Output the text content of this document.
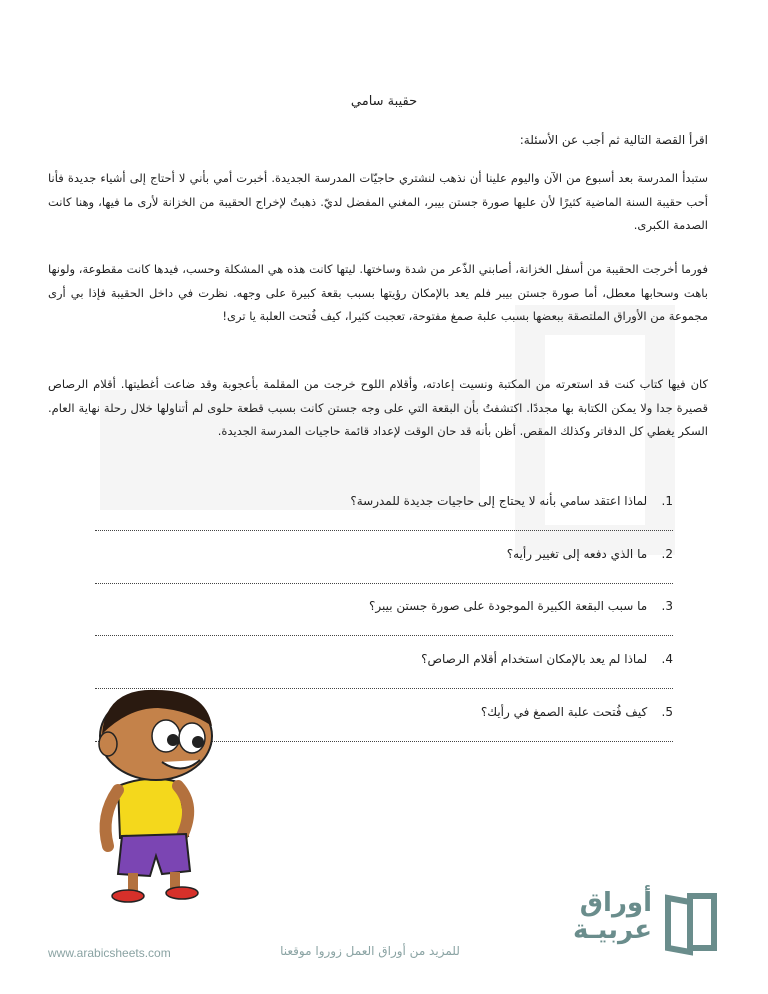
حقيبة سامي
اقرأ القصة التالية ثم أجب عن الأسئلة:

ستبدأ المدرسة بعد أسبوع من الآن واليوم علينا أن نذهب لنشتري حاجيّات المدرسة الجديدة. أخبرت أمي بأني لا أحتاج إلى أشياء جديدة فأنا أحب حقيبة السنة الماضية كثيرًا لأن عليها صورة جستن بيبر، المغني المفضل لديّ. ذهبتُ لإخراج الحقيبة من الخزانة لأرى ما فيها، وهنا كانت الصدمة الكبرى.

فورما أخرجت الحقيبة من أسفل الخزانة، أصابني الذّعر من شدة وساختها. ليتها كانت هذه هي المشكلة وحسب، فيدها كانت مقطوعة، ولونها باهت وسحابها معطل، أما صورة جستن بيبر فلم يعد بالإمكان رؤيتها بسبب بقعة كبيرة على وجهه. نظرت في داخل الحقيبة فإذا بي أرى مجموعة من الأوراق الملتصقة ببعضها بسبب علبة صمغ مفتوحة، تعجبت كثيرا، كيف فُتحت العلبة يا ترى!

كان فيها كتاب كنت قد استعرته من المكتبة ونسيت إعادته، وأقلام اللوح خرجت من المقلمة بأعجوبة وقد ضاعت أغطيتها. أقلام الرصاص قصيرة جدا ولا يمكن الكتابة بها مجددًا. اكتشفتُ بأن البقعة التي على وجه جستن كانت بسبب قطعة حلوى لم أتناولها خلال رحلة نهاية العام. السكر يغطي كل الدفاتر وكذلك المقص. أظن بأنه قد حان الوقت لإعداد قائمة حاجيات المدرسة الجديدة.

1. لماذا اعتقد سامي بأنه لا يحتاج إلى حاجيات جديدة للمدرسة؟
2. ما الذي دفعه إلى تغيير رأيه؟
3. ما سبب البقعة الكبيرة الموجودة على صورة جستن بيبر؟
4. لماذا لم يعد بالإمكان استخدام أقلام الرصاص؟
5. كيف فُتحت علبة الصمغ في رأيك؟
أوراق
عربيـة
www.arabicsheets.com	للمزيد من أوراق العمل زوروا موقعنا
